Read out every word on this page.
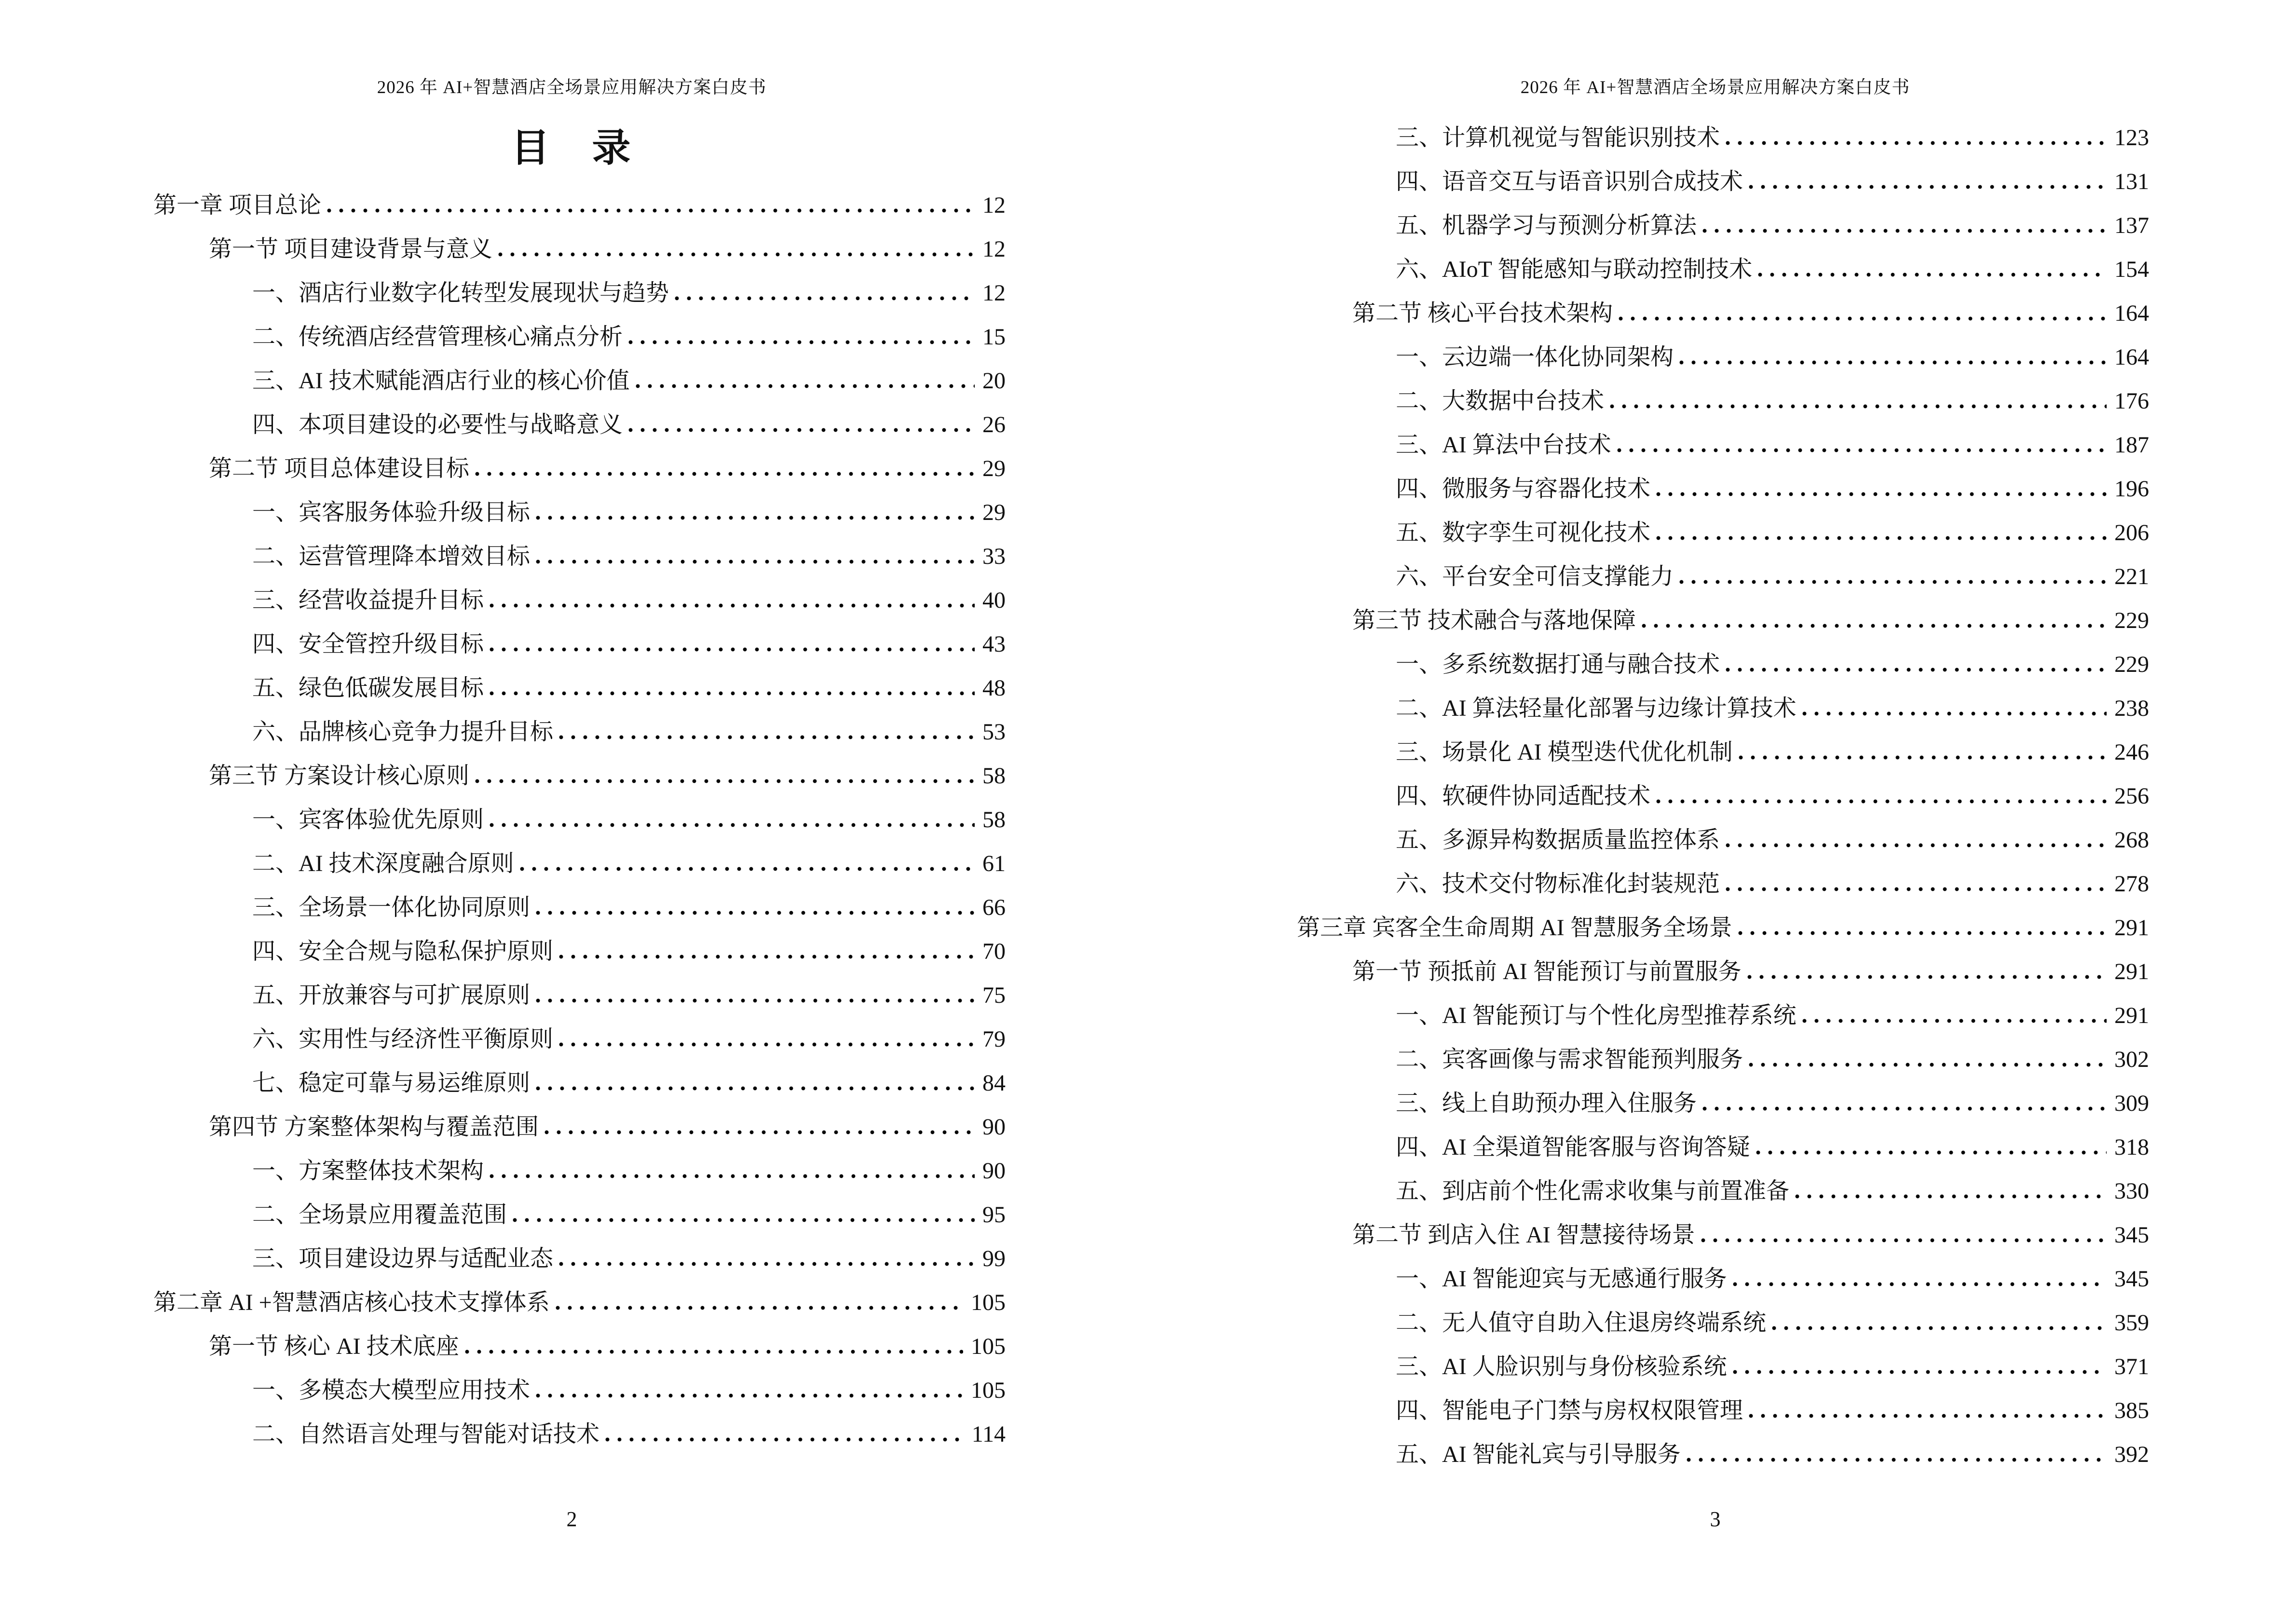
2026 年 AI+智慧酒店全场景应用解决方案白皮书
目　录
第一章 项目总论	12
第一节 项目建设背景与意义	12
一、酒店行业数字化转型发展现状与趋势	12
二、传统酒店经营管理核心痛点分析	15
三、AI 技术赋能酒店行业的核心价值	20
四、本项目建设的必要性与战略意义	26
第二节 项目总体建设目标	29
一、宾客服务体验升级目标	29
二、运营管理降本增效目标	33
三、经营收益提升目标	40
四、安全管控升级目标	43
五、绿色低碳发展目标	48
六、品牌核心竞争力提升目标	53
第三节 方案设计核心原则	58
一、宾客体验优先原则	58
二、AI 技术深度融合原则	61
三、全场景一体化协同原则	66
四、安全合规与隐私保护原则	70
五、开放兼容与可扩展原则	75
六、实用性与经济性平衡原则	79
七、稳定可靠与易运维原则	84
第四节 方案整体架构与覆盖范围	90
一、方案整体技术架构	90
二、全场景应用覆盖范围	95
三、项目建设边界与适配业态	99
第二章 AI +智慧酒店核心技术支撑体系	105
第一节 核心 AI 技术底座	105
一、多模态大模型应用技术	105
二、自然语言处理与智能对话技术	114
2
2026 年 AI+智慧酒店全场景应用解决方案白皮书
三、计算机视觉与智能识别技术	123
四、语音交互与语音识别合成技术	131
五、机器学习与预测分析算法	137
六、AIoT 智能感知与联动控制技术	154
第二节 核心平台技术架构	164
一、云边端一体化协同架构	164
二、大数据中台技术	176
三、AI 算法中台技术	187
四、微服务与容器化技术	196
五、数字孪生可视化技术	206
六、平台安全可信支撑能力	221
第三节 技术融合与落地保障	229
一、多系统数据打通与融合技术	229
二、AI 算法轻量化部署与边缘计算技术	238
三、场景化 AI 模型迭代优化机制	246
四、软硬件协同适配技术	256
五、多源异构数据质量监控体系	268
六、技术交付物标准化封装规范	278
第三章 宾客全生命周期 AI 智慧服务全场景	291
第一节 预抵前 AI 智能预订与前置服务	291
一、AI 智能预订与个性化房型推荐系统	291
二、宾客画像与需求智能预判服务	302
三、线上自助预办理入住服务	309
四、AI 全渠道智能客服与咨询答疑	318
五、到店前个性化需求收集与前置准备	330
第二节 到店入住 AI 智慧接待场景	345
一、AI 智能迎宾与无感通行服务	345
二、无人值守自助入住退房终端系统	359
三、AI 人脸识别与身份核验系统	371
四、智能电子门禁与房权权限管理	385
五、AI 智能礼宾与引导服务	392
3
